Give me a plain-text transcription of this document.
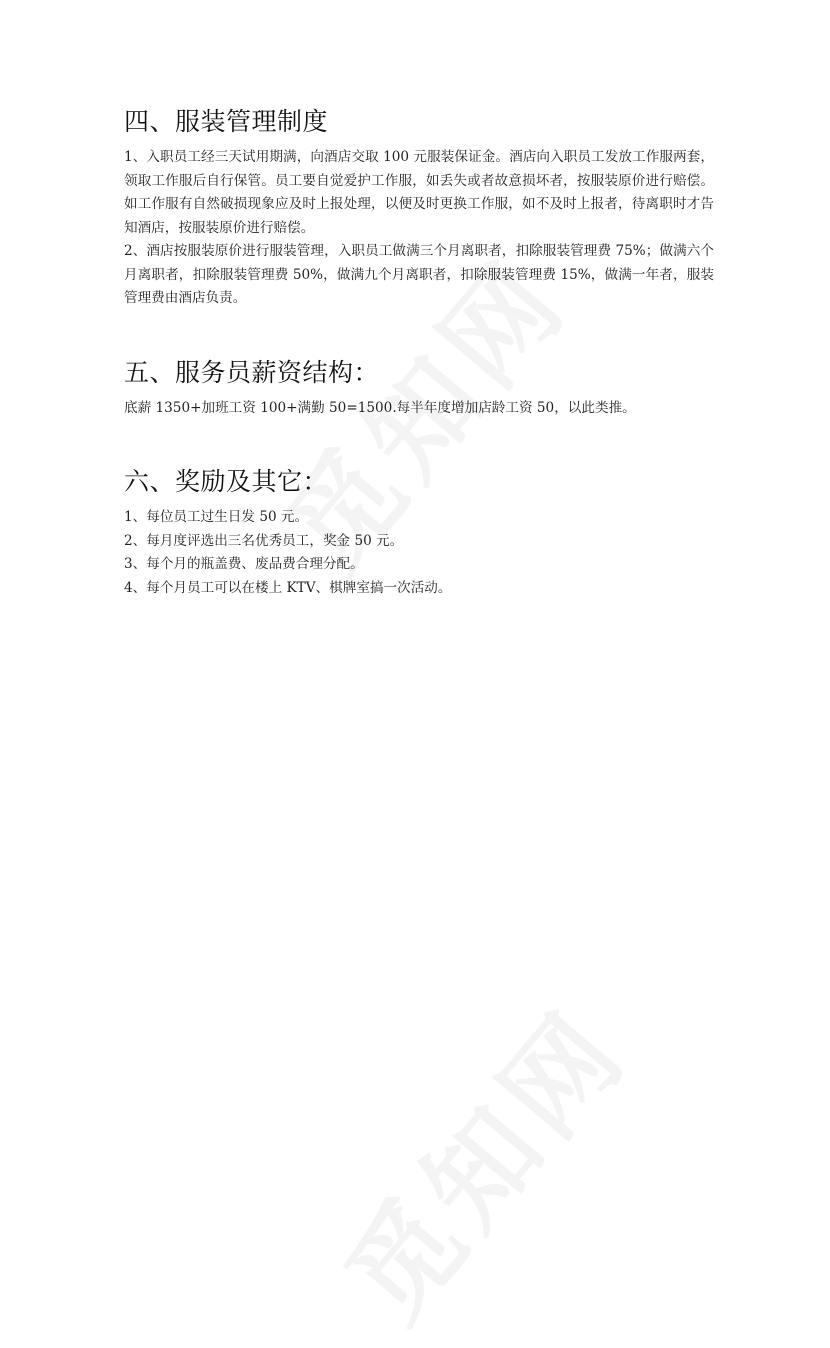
四、服装管理制度

1、入职员工经三天试用期满，向酒店交取 100 元服装保证金。酒店向入职员工发放工作服两套，领取工作服后自行保管。员工要自觉爱护工作服，如丢失或者故意损坏者，按服装原价进行赔偿。如工作服有自然破损现象应及时上报处理，以便及时更换工作服，如不及时上报者，待离职时才告知酒店，按服装原价进行赔偿。

2、酒店按服装原价进行服装管理，入职员工做满三个月离职者，扣除服装管理费 75%；做满六个月离职者，扣除服装管理费 50%，做满九个月离职者，扣除服装管理费 15%，做满一年者，服装管理费由酒店负责。

五、服务员薪资结构：

底薪 1350+加班工资 100+满勤 50=1500.每半年度增加店龄工资 50，以此类推。

六、奖励及其它：

1、每位员工过生日发 50 元。

2、每月度评选出三名优秀员工，奖金 50 元。

3、每个月的瓶盖费、废品费合理分配。

4、每个月员工可以在楼上 KTV、棋牌室搞一次活动。
